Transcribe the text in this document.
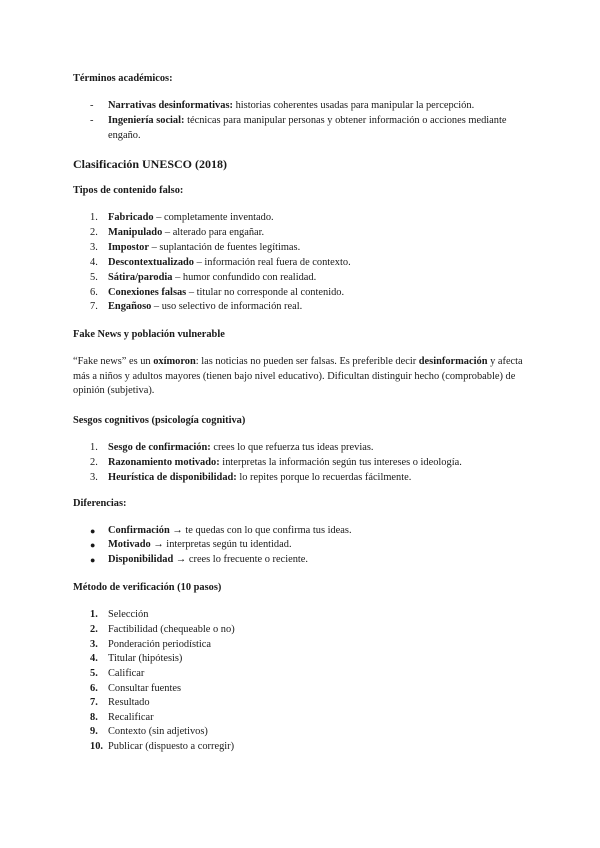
Términos académicos:
- Narrativas desinformativas: historias coherentes usadas para manipular la percepción.
- Ingeniería social: técnicas para manipular personas y obtener información o acciones mediante engaño.
Clasificación UNESCO (2018)
Tipos de contenido falso:
1. Fabricado – completamente inventado.
2. Manipulado – alterado para engañar.
3. Impostor – suplantación de fuentes legítimas.
4. Descontextualizado – información real fuera de contexto.
5. Sátira/parodia – humor confundido con realidad.
6. Conexiones falsas – titular no corresponde al contenido.
7. Engañoso – uso selectivo de información real.
Fake News y población vulnerable
“Fake news” es un oxímoron: las noticias no pueden ser falsas. Es preferible decir desinformación y afecta más a niños y adultos mayores (tienen bajo nivel educativo). Dificultan distinguir hecho (comprobable) de opinión (subjetiva).
Sesgos cognitivos (psicología cognitiva)
1. Sesgo de confirmación: crees lo que refuerza tus ideas previas.
2. Razonamiento motivado: interpretas la información según tus intereses o ideología.
3. Heurística de disponibilidad: lo repites porque lo recuerdas fácilmente.
Diferencias:
● Confirmación → te quedas con lo que confirma tus ideas.
● Motivado → interpretas según tu identidad.
● Disponibilidad → crees lo frecuente o reciente.
Método de verificación (10 pasos)
1. Selección
2. Factibilidad (chequeable o no)
3. Ponderación periodística
4. Titular (hipótesis)
5. Calificar
6. Consultar fuentes
7. Resultado
8. Recalificar
9. Contexto (sin adjetivos)
10. Publicar (dispuesto a corregir)
